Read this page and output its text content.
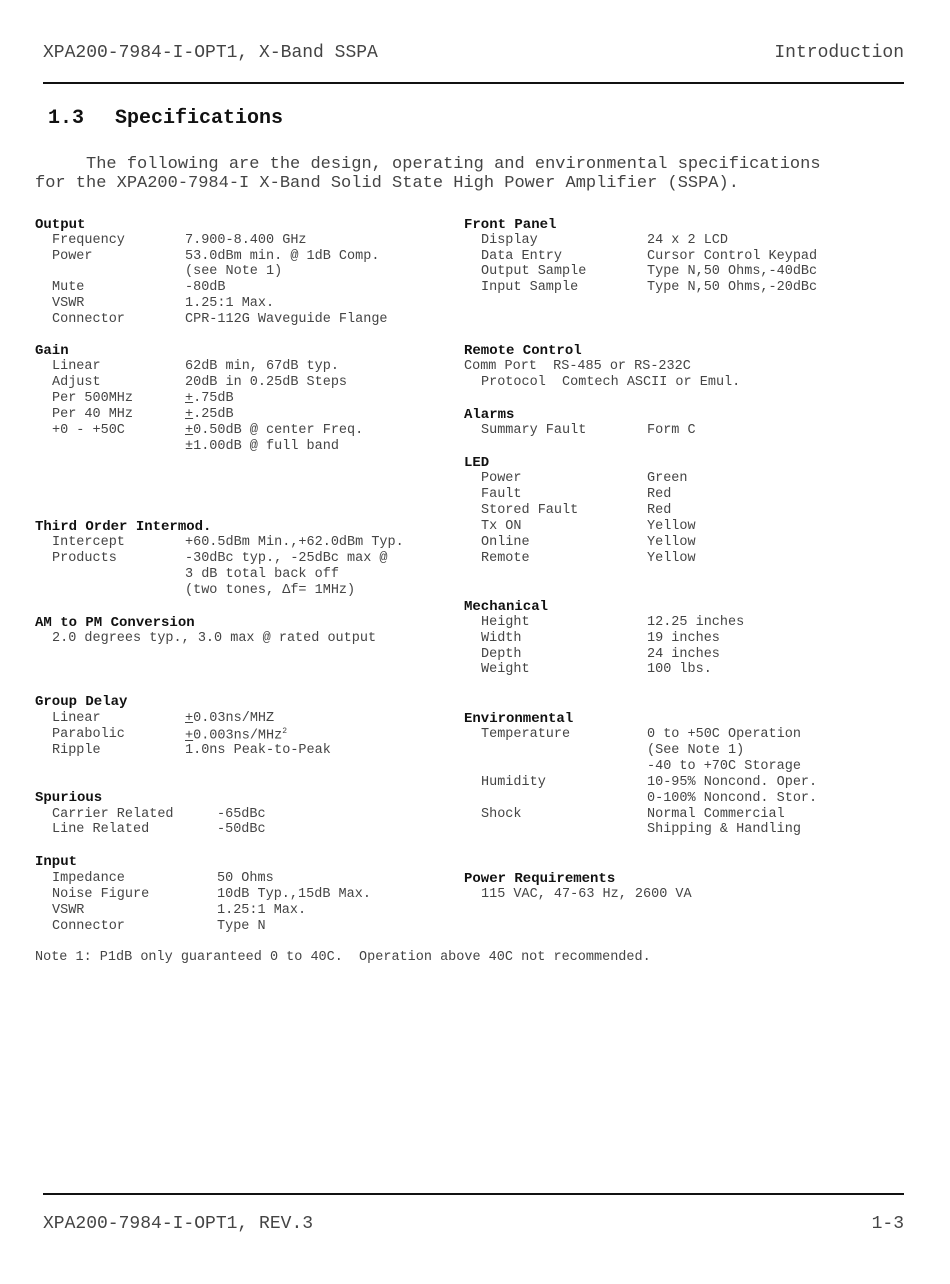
XPA200-7984-I-OPT1, X-Band SSPA	Introduction
1.3 Specifications
The following are the design, operating and environmental specifications
for the XPA200-7984-I X-Band Solid State High Power Amplifier (SSPA).
Output
Frequency	7.900-8.400 GHz
Power	53.0dBm min. @ 1dB Comp.
(see Note 1)
Mute	-80dB
VSWR	1.25:1 Max.
Connector	CPR-112G Waveguide Flange
Gain
Linear	62dB min, 67dB typ.
Adjust	20dB in 0.25dB Steps
Per 500MHz	+.75dB
Per 40 MHz	+.25dB
+0 - +50C	+0.50dB @ center Freq.
±1.00dB @ full band
Third Order Intermod.
Intercept	+60.5dBm Min.,+62.0dBm Typ.
Products	-30dBc typ., -25dBc max @
3 dB total back off
(two tones, Δf= 1MHz)
AM to PM Conversion
2.0 degrees typ., 3.0 max @ rated output
Group Delay
Linear	+0.03ns/MHZ
Parabolic	+0.003ns/MHz$^2$
Ripple	1.0ns Peak-to-Peak
Spurious
Carrier Related	-65dBc
Line Related	-50dBc
Input
Impedance	50 Ohms
Noise Figure	10dB Typ.,15dB Max.
VSWR	1.25:1 Max.
Connector	Type N
Note 1: P1dB only guaranteed 0 to 40C.  Operation above 40C not recommended.
Front Panel
Display	24 x 2 LCD
Data Entry	Cursor Control Keypad
Output Sample	Type N,50 Ohms,-40dBc
Input Sample	Type N,50 Ohms,-20dBc
Remote Control
Comm Port  RS-485 or RS-232C
Protocol  Comtech ASCII or Emul.
Alarms
Summary Fault	Form C
LED
Power	Green
Fault	Red
Stored Fault	Red
Tx ON	Yellow
Online	Yellow
Remote	Yellow
Mechanical
Height	12.25 inches
Width	19 inches
Depth	24 inches
Weight	100 lbs.
Environmental
Temperature	0 to +50C Operation
(See Note 1)
-40 to +70C Storage
Humidity	10-95% Noncond. Oper.
0-100% Noncond. Stor.
Shock	Normal Commercial
Shipping & Handling
Power Requirements
115 VAC, 47-63 Hz, 2600 VA
XPA200-7984-I-OPT1, REV.3	1-3
